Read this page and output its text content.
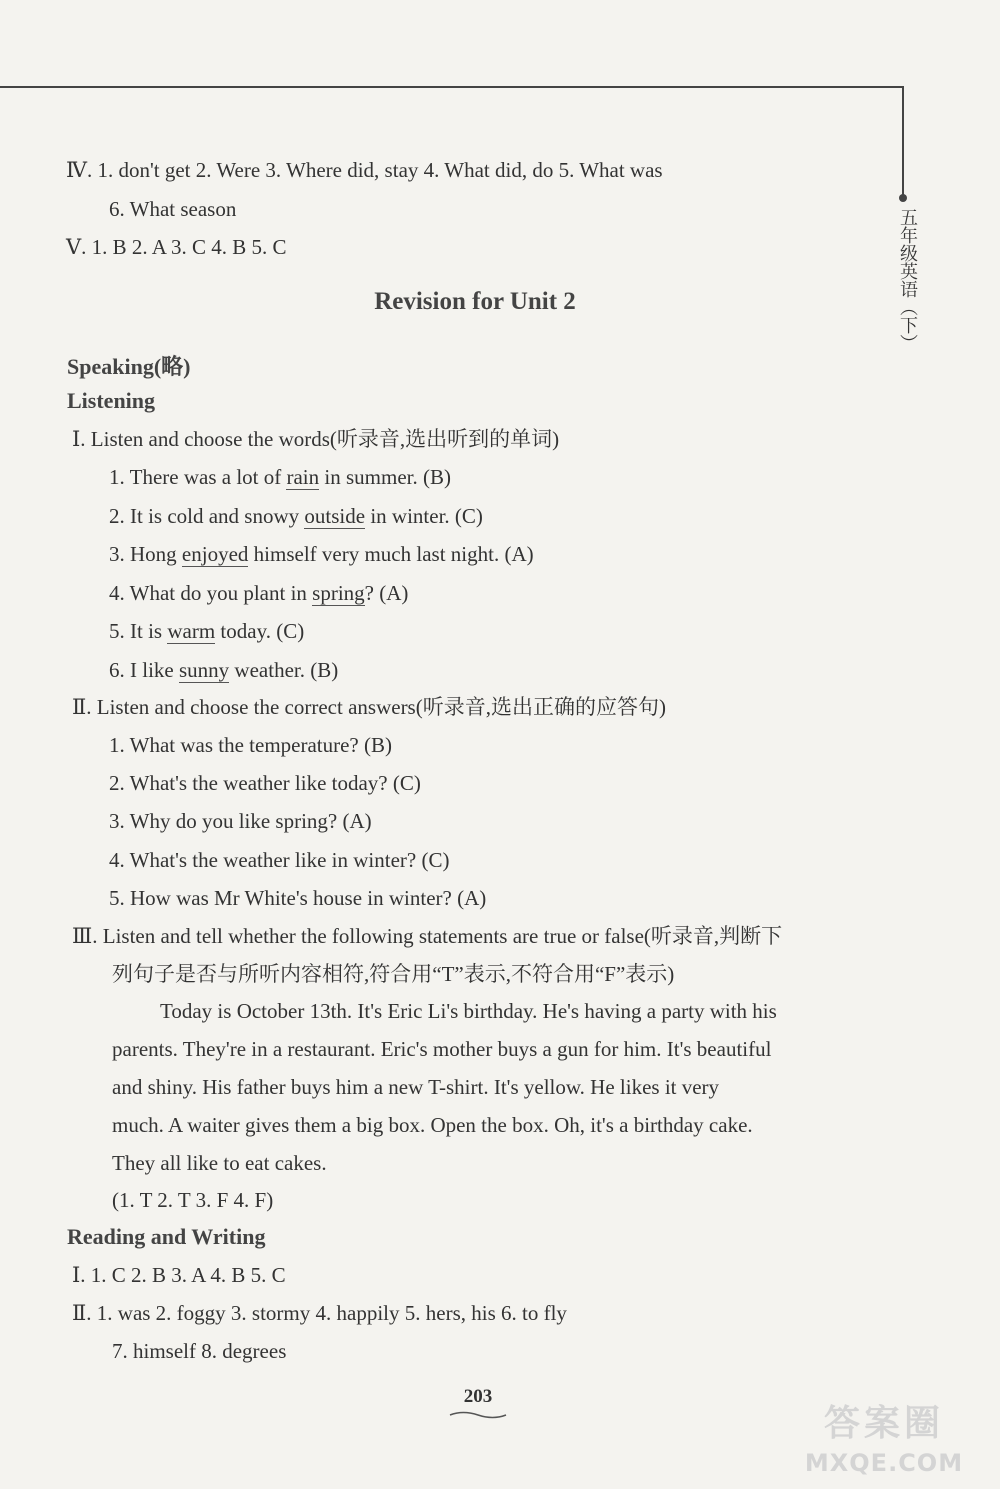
五年级英语（下）
Ⅳ. 1. don't get 2. Were 3. Where did, stay 4. What did, do 5. What was
6. What season
Ⅴ. 1. B 2. A 3. C 4. B 5. C
Revision for Unit 2
Speaking(略)
Listening
Ⅰ. Listen and choose the words(听录音,选出听到的单词)
1. There was a lot of rain in summer. (B)
2. It is cold and snowy outside in winter. (C)
3. Hong enjoyed himself very much last night. (A)
4. What do you plant in spring? (A)
5. It is warm today. (C)
6. I like sunny weather. (B)
Ⅱ. Listen and choose the correct answers(听录音,选出正确的应答句)
1. What was the temperature? (B)
2. What's the weather like today? (C)
3. Why do you like spring? (A)
4. What's the weather like in winter? (C)
5. How was Mr White's house in winter? (A)
Ⅲ. Listen and tell whether the following statements are true or false(听录音,判断下
列句子是否与所听内容相符,符合用“T”表示,不符合用“F”表示)
Today is October 13th. It's Eric Li's birthday. He's having a party with his
parents. They're in a restaurant. Eric's mother buys a gun for him. It's beautiful
and shiny. His father buys him a new T-shirt. It's yellow. He likes it very
much. A waiter gives them a big box. Open the box. Oh, it's a birthday cake.
They all like to eat cakes.
(1. T 2. T 3. F 4. F)
Reading and Writing
Ⅰ. 1. C 2. B 3. A 4. B 5. C
Ⅱ. 1. was 2. foggy 3. stormy 4. happily 5. hers, his 6. to fly
7. himself 8. degrees
203
答案圈
MXQE.COM
